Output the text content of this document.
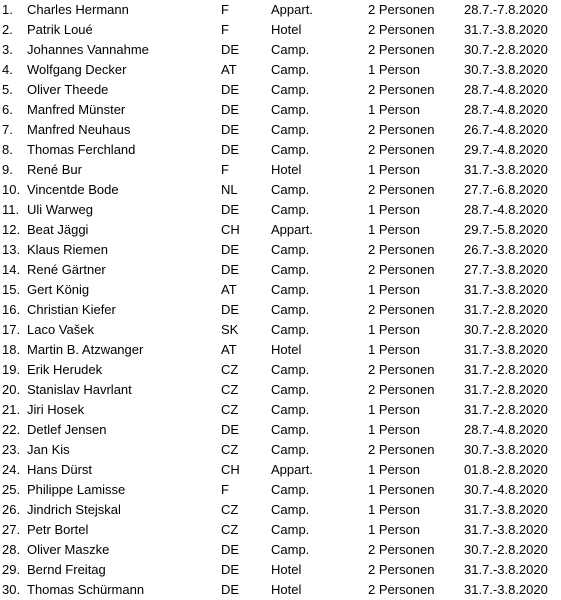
1. Charles Hermann	F	Appart.	2 Personen 28.7.-7.8.2020
2. Patrik Loué	F	Hotel	2 Personen 31.7.-3.8.2020
3. Johannes Vannahme	DE Camp.	2 Personen 30.7.-2.8.2020
4. Wolfgang Decker	AT	Camp.	1 Person	30.7.-3.8.2020
5. Oliver Theede	DE Camp.	2 Personen 28.7.-4.8.2020
6. Manfred Münster	DE Camp.	1 Person	28.7.-4.8.2020
7. Manfred Neuhaus	DE Camp.	2 Personen 26.7.-4.8.2020
8. Thomas Ferchland	DE Camp.	2 Personen 29.7.-4.8.2020
9. René Bur	F	Hotel	1 Person	31.7.-3.8.2020
10. Vincentde Bode	NL	Camp.	2 Personen 27.7.-6.8.2020
11. Uli Warweg	DE Camp.	1 Person	28.7.-4.8.2020
12. Beat Jäggi	CH Appart.	1 Person	29.7.-5.8.2020
13. Klaus Riemen	DE Camp.	2 Personen 26.7.-3.8.2020
14. René Gärtner	DE Camp.	2 Personen 27.7.-3.8.2020
15. Gert König	AT	Camp.	1 Person	31.7.-3.8.2020
16. Christian Kiefer	DE Camp.	2 Personen 31.7.-2.8.2020
17. Laco Vašek	SK	Camp.	1 Person	30.7.-2.8.2020
18. Martin B. Atzwanger	AT	Hotel	1 Person	31.7.-3.8.2020
19. Erik Herudek	CZ	Camp.	2 Personen 31.7.-2.8.2020
20. Stanislav Havrlant	CZ	Camp.	2 Personen 31.7.-2.8.2020
21. Jiri Hosek	CZ	Camp.	1 Person	31.7.-2.8.2020
22. Detlef Jensen	DE Camp.	1 Person	28.7.-4.8.2020
23. Jan Kis	CZ	Camp.	2 Personen 30.7.-3.8.2020
24. Hans Dürst	CH Appart.	1 Person	01.8.-2.8.2020
25. Philippe Lamisse	F	Camp.	1 Personen 30.7.-4.8.2020
26. Jindrich Stejskal	CZ	Camp.	1 Person	31.7.-3.8.2020
27. Petr Bortel	CZ	Camp.	1 Person	31.7.-3.8.2020
28. Oliver Maszke	DE Camp.	2 Personen 30.7.-2.8.2020
29. Bernd Freitag	DE Hotel	2 Personen 31.7.-3.8.2020
30. Thomas Schürmann	DE Hotel	2 Personen 31.7.-3.8.2020
